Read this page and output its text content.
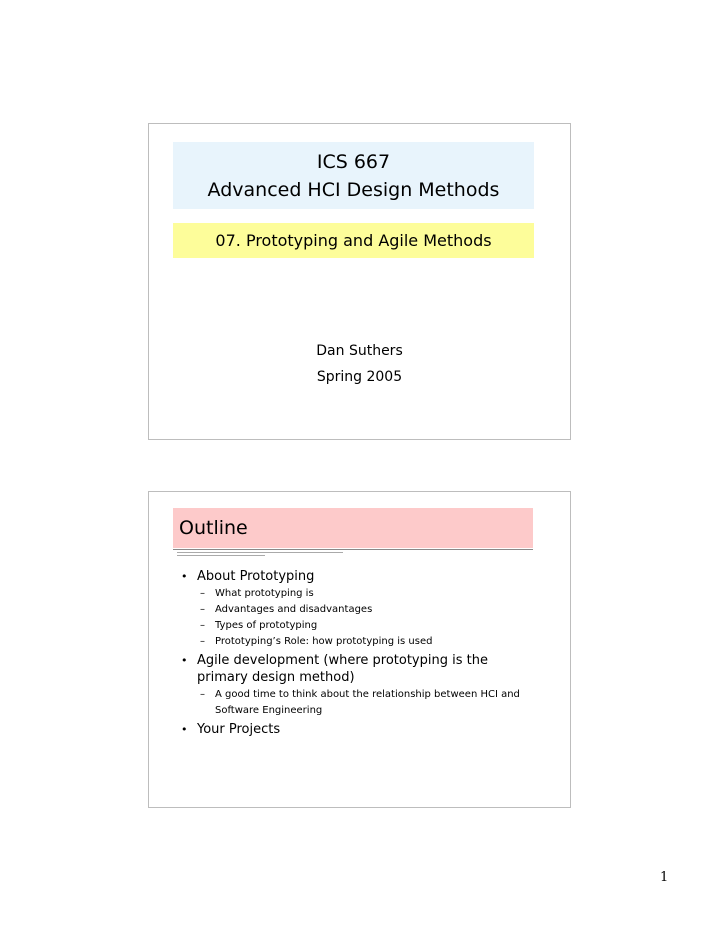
ICS 667
Advanced HCI Design Methods
07. Prototyping and Agile Methods
Dan Suthers
Spring 2005
Outline
• About Prototyping
– What prototyping is
– Advantages and disadvantages
– Types of prototyping
– Prototyping’s Role: how prototyping is used
• Agile development (where prototyping is the primary design method)
– A good time to think about the relationship between HCI and Software Engineering
• Your Projects
1
